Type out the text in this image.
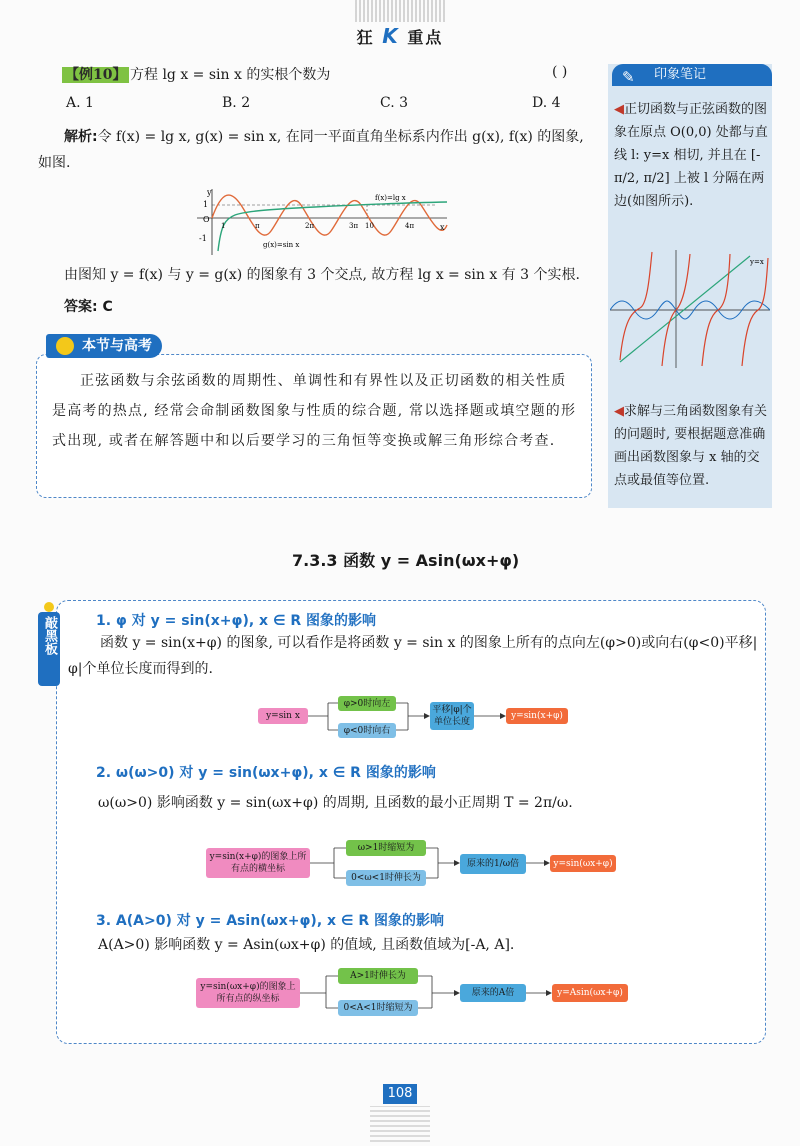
狂 K 重点
【例10】 方程 lg x = sin x 的实根个数为	( )
A. 1	B. 2	C. 3	D. 4
解析:令 f(x) = lg x, g(x) = sin x, 在同一平面直角坐标系内作出 g(x), f(x) 的图象, 如图.
y
x
1
O
-1
1	π	2π	3π 10	4π
f(x)=lg x
g(x)=sin x
由图知 y = f(x) 与 y = g(x) 的图象有 3 个交点, 故方程 lg x = sin x 有 3 个实根.
答案: C
本节与高考
正弦函数与余弦函数的周期性、单调性和有界性以及正切函数的相关性质是高考的热点, 经常会命制函数图象与性质的综合题, 常以选择题或填空题的形式出现, 或者在解答题中和以后要学习的三角恒等变换或解三角形综合考查.
✎ 印象笔记
◀正切函数与正弦函数的图象在原点 O(0,0) 处都与直线 l: y=x 相切, 并且在 [-π/2, π/2] 上被 l 分隔在两边(如图所示).
y=x
◀求解与三角函数图象有关的问题时, 要根据题意准确画出函数图象与 x 轴的交点或最值等位置.
7.3.3 函数 y = Asin(ωx+φ)
敲黑板	1. φ 对 y = sin(x+φ), x ∈ R 图象的影响
函数 y = sin(x+φ) 的图象, 可以看作是将函数 y = sin x 的图象上所有的点向左(φ>0)或向右(φ<0)平移|φ|个单位长度而得到的.
y=sin x
φ>0时向左
φ<0时向右
平移|φ|个单位长度
y=sin(x+φ)
2. ω(ω>0) 对 y = sin(ωx+φ), x ∈ R 图象的影响
ω(ω>0) 影响函数 y = sin(ωx+φ) 的周期, 且函数的最小正周期 T = 2π/ω.
y=sin(x+φ)的图象上所有点的横坐标
ω>1时缩短为
0<ω<1时伸长为
原来的1/ω倍	y=sin(ωx+φ)
3. A(A>0) 对 y = Asin(ωx+φ), x ∈ R 图象的影响
A(A>0) 影响函数 y = Asin(ωx+φ) 的值域, 且函数值域为[-A, A].
y=sin(ωx+φ)的图象上所有点的纵坐标
A>1时伸长为
0<A<1时缩短为
原来的A倍	y=Asin(ωx+φ)
108
